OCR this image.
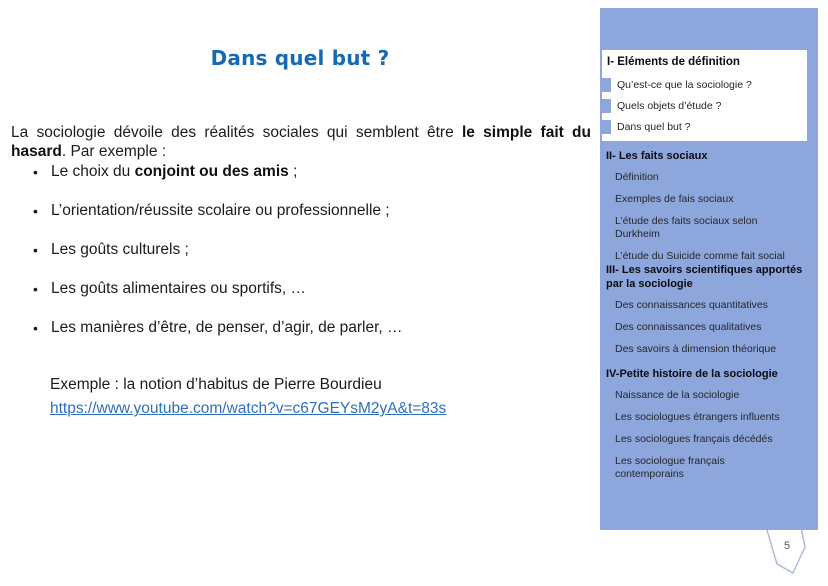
Dans quel but ?

La sociologie dévoile des réalités sociales qui semblent être le simple fait du hasard. Par exemple :

• Le choix du conjoint ou des amis ;
• L’orientation/réussite scolaire ou professionnelle ;
• Les goûts culturels ;
• Les goûts alimentaires ou sportifs, …
• Les manières d’être, de penser, d’agir, de parler, …

Exemple : la notion d’habitus de Pierre Bourdieu

https://www.youtube.com/watch?v=c67GEYsM2yA&t=83s
5
I- Eléments de définition
Qu’est-ce que la sociologie ?
Quels objets d’étude ?
Dans quel but ?
II- Les faits sociaux
Définition
Exemples de fais sociaux
L’étude des faits sociaux selon Durkheim
L’étude du Suicide comme fait social
III- Les savoirs scientifiques apportés par la sociologie
Des connaissances quantitatives
Des connaissances qualitatives
Des savoirs à dimension théorique
IV-Petite histoire de la sociologie
Naissance de la sociologie
Les sociologues étrangers influents
Les sociologues français décédés
Les sociologue français contemporains
